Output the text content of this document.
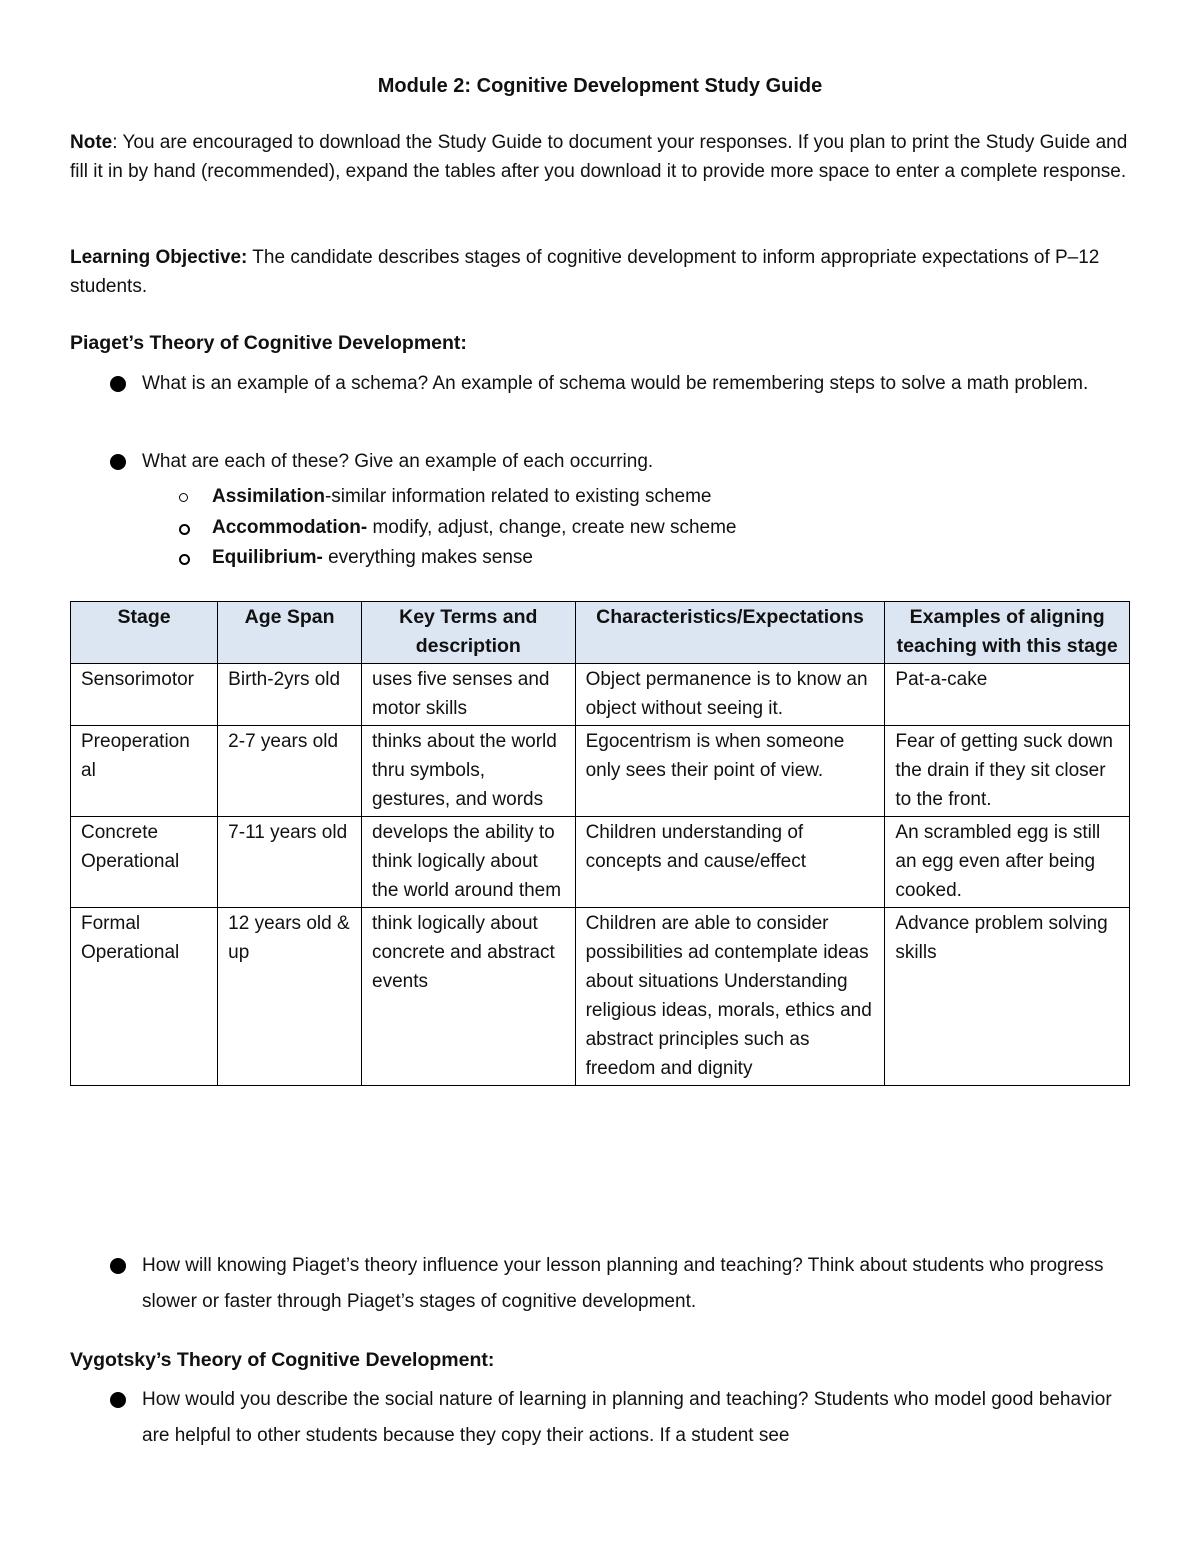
Module 2: Cognitive Development Study Guide

Note: You are encouraged to download the Study Guide to document your responses. If you plan to print the Study Guide and fill it in by hand (recommended), expand the tables after you download it to provide more space to enter a complete response.

Learning Objective: The candidate describes stages of cognitive development to inform appropriate expectations of P–12 students.

Piaget’s Theory of Cognitive Development:
What is an example of a schema? An example of schema would be remembering steps to solve a math problem.
What are each of these? Give an example of each occurring.
Assimilation-similar information related to existing scheme
Accommodation- modify, adjust, change, create new scheme
Equilibrium- everything makes sense
Stage	Age Span	Key Terms and description	Characteristics/Expectations	Examples of aligning teaching with this stage
Sensorimotor	Birth-2yrs old	uses five senses and motor skills	Object permanence is to know an object without seeing it.	Pat-a-cake
Preoperation al	2-7 years old	thinks about the world thru symbols, gestures, and words	Egocentrism is when someone only sees their point of view.	Fear of getting suck down the drain if they sit closer to the front.
Concrete Operational	7-11 years old	develops the ability to think logically about the world around them	Children understanding of concepts and cause/effect	An scrambled egg is still an egg even after being cooked.
Formal Operational	12 years old & up	think logically about concrete and abstract events	Children are able to consider possibilities ad contemplate ideas about situations Understanding religious ideas, morals, ethics and abstract principles such as freedom and dignity	Advance problem solving skills
How will knowing Piaget’s theory influence your lesson planning and teaching? Think about students who progress slower or faster through Piaget’s stages of cognitive development.
Vygotsky’s Theory of Cognitive Development:
How would you describe the social nature of learning in planning and teaching? Students who model good behavior are helpful to other students because they copy their actions. If a student see
